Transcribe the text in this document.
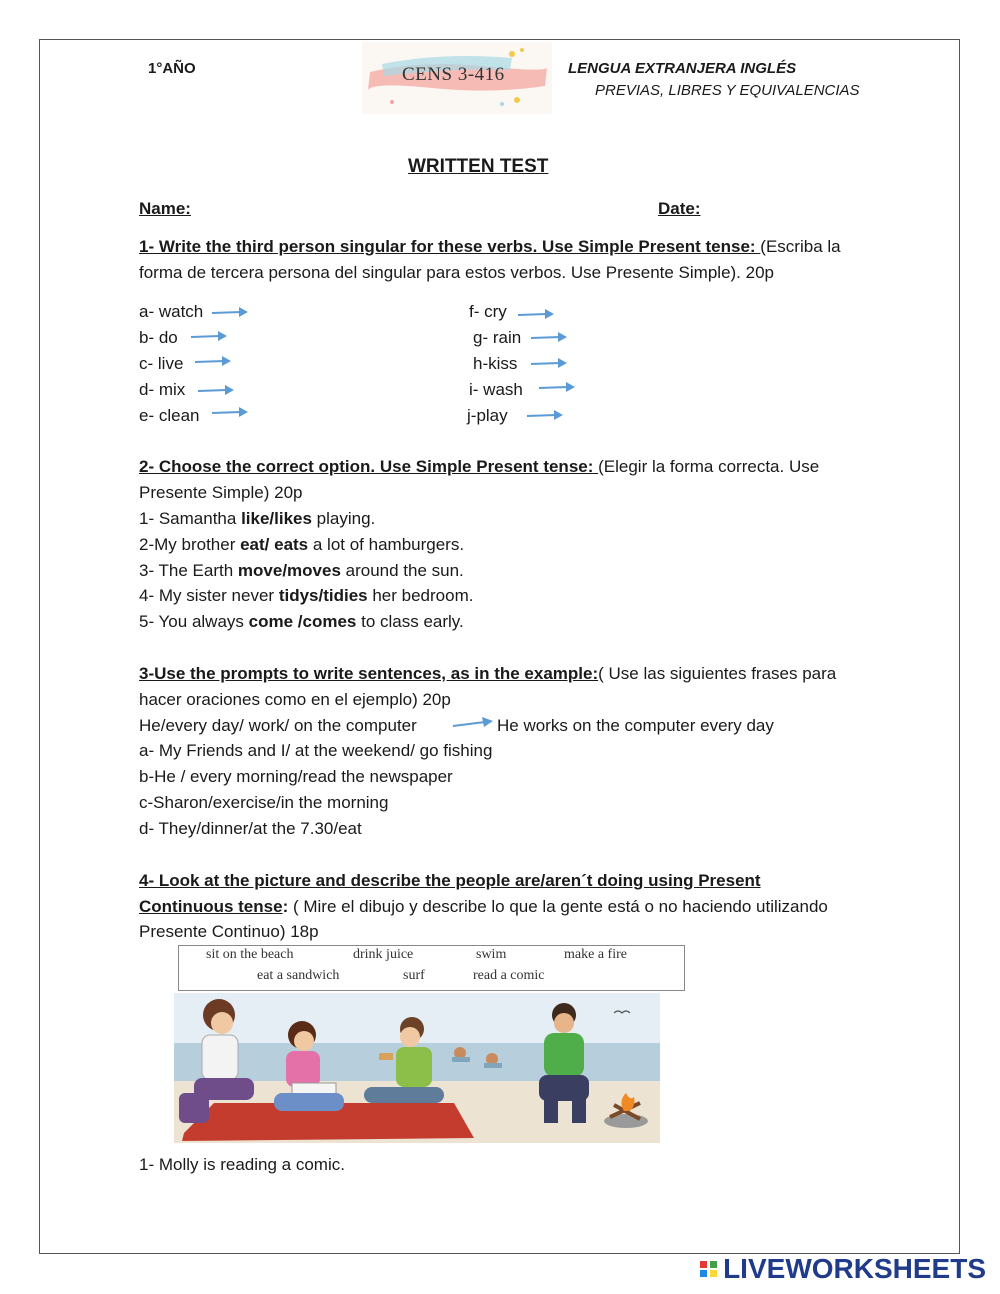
1°AÑO	CENS 3-416	LENGUA EXTRANJERA INGLÉS
PREVIAS, LIBRES Y EQUIVALENCIAS
WRITTEN TEST
Name:	Date:
1- Write the third person singular for these verbs. Use Simple Present tense: (Escriba la
forma de tercera persona del singular para estos verbos. Use Presente Simple). 20p
a- watch
b- do
c- live
d- mix
e- clean
f- cry
g- rain
h-kiss
i- wash
j-play
2- Choose the correct option. Use Simple Present tense: (Elegir la forma correcta. Use
Presente Simple) 20p
1- Samantha like/likes playing.
2-My brother eat/ eats a lot of hamburgers.
3- The Earth move/moves around the sun.
4- My sister never tidys/tidies her bedroom.
5- You always come /comes to class early.
3-Use the prompts to write sentences, as in the example:( Use las siguientes frases para
hacer oraciones como en el ejemplo) 20p
He/every day/ work/ on the computer	He works on the computer every day
a- My Friends and I/ at the weekend/ go fishing
b-He / every morning/read the newspaper
c-Sharon/exercise/in the morning
d- They/dinner/at the 7.30/eat
4- Look at the picture and describe the people are/aren´t doing using Present
Continuous tense: ( Mire el dibujo y describe lo que la gente está o no haciendo utilizando
Presente Continuo) 18p
sit on the beach	drink juice	swim	make a fire
eat a sandwich	surf	read a comic
1- Molly is reading a comic.
LIVEWORKSHEETS
